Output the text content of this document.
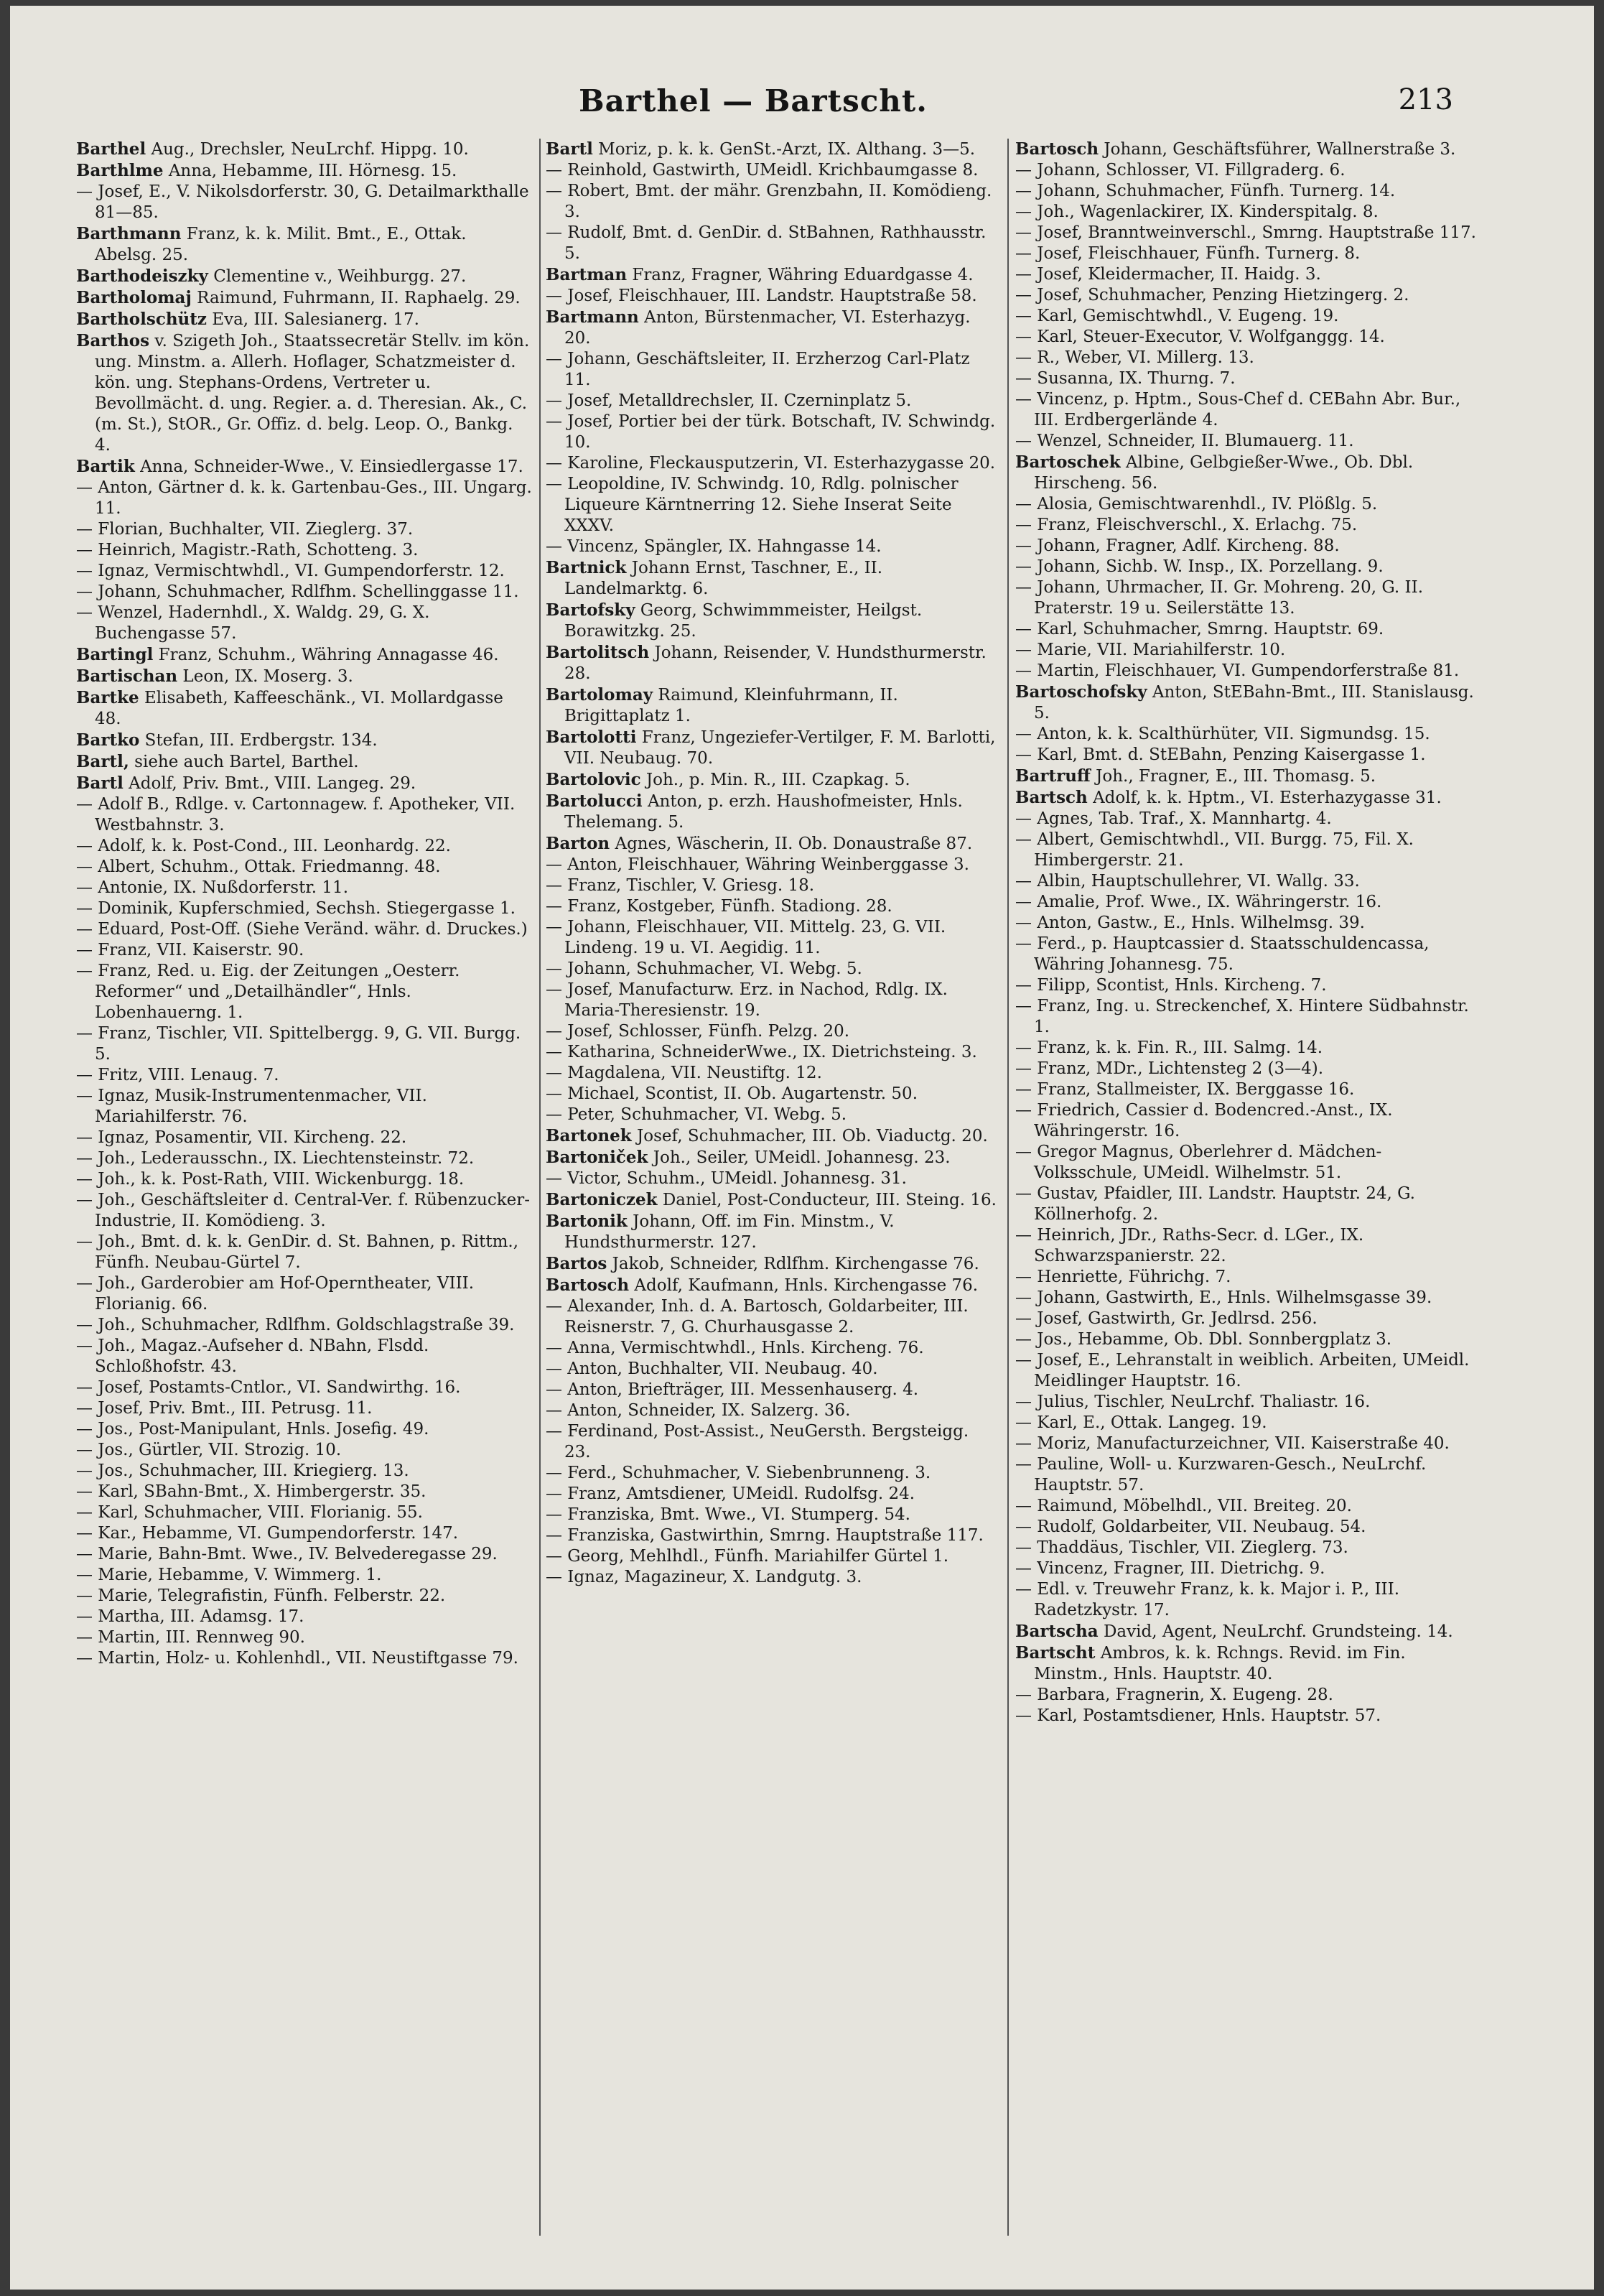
Barthel — Bartscht.	213
Barthel Aug., Drechsler, NeuLrchf. Hippg. 10.
Barthlme Anna, Hebamme, III. Hörnesg. 15.
— Josef, E., V. Nikolsdorferstr. 30, G. Detailmarkthalle 81—85.
Barthmann Franz, k. k. Milit. Bmt., E., Ottak. Abelsg. 25.
Barthodeiszky Clementine v., Weihburgg. 27.
Bartholomaj Raimund, Fuhrmann, II. Raphaelg. 29.
Bartholschütz Eva, III. Salesianerg. 17.
Barthos v. Szigeth Joh., Staatssecretär Stellv. im kön. ung. Minstm. a. Allerh. Hoflager, Schatzmeister d. kön. ung. Stephans-Ordens, Vertreter u. Bevollmächt. d. ung. Regier. a. d. Theresian. Ak., C. (m. St.), StOR., Gr. Offiz. d. belg. Leop. O., Bankg. 4.
Bartik Anna, Schneider-Wwe., V. Einsiedlergasse 17.
— Anton, Gärtner d. k. k. Gartenbau-Ges., III. Ungarg. 11.
— Florian, Buchhalter, VII. Zieglerg. 37.
— Heinrich, Magistr.-Rath, Schotteng. 3.
— Ignaz, Vermischtwhdl., VI. Gumpendorferstr. 12.
— Johann, Schuhmacher, Rdlfhm. Schellinggasse 11.
— Wenzel, Hadernhdl., X. Waldg. 29, G. X. Buchengasse 57.
Bartingl Franz, Schuhm., Währing Annagasse 46.
Bartischan Leon, IX. Moserg. 3.
Bartke Elisabeth, Kaffeeschänk., VI. Mollardgasse 48.
Bartko Stefan, III. Erdbergstr. 134.
Bartl, siehe auch Bartel, Barthel.
Bartl Adolf, Priv. Bmt., VIII. Langeg. 29.
— Adolf B., Rdlge. v. Cartonnagew. f. Apotheker, VII. Westbahnstr. 3.
— Adolf, k. k. Post-Cond., III. Leonhardg. 22.
— Albert, Schuhm., Ottak. Friedmanng. 48.
— Antonie, IX. Nußdorferstr. 11.
— Dominik, Kupferschmied, Sechsh. Stiegergasse 1.
— Eduard, Post-Off. (Siehe Veränd. währ. d. Druckes.)
— Franz, VII. Kaiserstr. 90.
— Franz, Red. u. Eig. der Zeitungen „Oesterr. Reformer“ und „Detailhändler“, Hnls. Lobenhauerng. 1.
— Franz, Tischler, VII. Spittelbergg. 9, G. VII. Burgg. 5.
— Fritz, VIII. Lenaug. 7.
— Ignaz, Musik-Instrumentenmacher, VII. Mariahilferstr. 76.
— Ignaz, Posamentir, VII. Kircheng. 22.
— Joh., Lederausschn., IX. Liechtensteinstr. 72.
— Joh., k. k. Post-Rath, VIII. Wickenburgg. 18.
— Joh., Geschäftsleiter d. Central-Ver. f. Rübenzucker-Industrie, II. Komödieng. 3.
— Joh., Bmt. d. k. k. GenDir. d. St. Bahnen, p. Rittm., Fünfh. Neubau-Gürtel 7.
— Joh., Garderobier am Hof-Operntheater, VIII. Florianig. 66.
— Joh., Schuhmacher, Rdlfhm. Goldschlagstraße 39.
— Joh., Magaz.-Aufseher d. NBahn, Flsdd. Schloßhofstr. 43.
— Josef, Postamts-Cntlor., VI. Sandwirthg. 16.
— Josef, Priv. Bmt., III. Petrusg. 11.
— Jos., Post-Manipulant, Hnls. Josefig. 49.
— Jos., Gürtler, VII. Strozig. 10.
— Jos., Schuhmacher, III. Kriegierg. 13.
— Karl, SBahn-Bmt., X. Himbergerstr. 35.
— Karl, Schuhmacher, VIII. Florianig. 55.
— Kar., Hebamme, VI. Gumpendorferstr. 147.
— Marie, Bahn-Bmt. Wwe., IV. Belvederegasse 29.
— Marie, Hebamme, V. Wimmerg. 1.
— Marie, Telegrafistin, Fünfh. Felberstr. 22.
— Martha, III. Adamsg. 17.
— Martin, III. Rennweg 90.
— Martin, Holz- u. Kohlenhdl., VII. Neustiftgasse 79.
Bartl Moriz, p. k. k. GenSt.-Arzt, IX. Althang. 3—5.
— Reinhold, Gastwirth, UMeidl. Krichbaumgasse 8.
— Robert, Bmt. der mähr. Grenzbahn, II. Komödieng. 3.
— Rudolf, Bmt. d. GenDir. d. StBahnen, Rathhausstr. 5.
Bartman Franz, Fragner, Währing Eduardgasse 4.
— Josef, Fleischhauer, III. Landstr. Hauptstraße 58.
Bartmann Anton, Bürstenmacher, VI. Esterhazyg. 20.
— Johann, Geschäftsleiter, II. Erzherzog Carl-Platz 11.
— Josef, Metalldrechsler, II. Czerninplatz 5.
— Josef, Portier bei der türk. Botschaft, IV. Schwindg. 10.
— Karoline, Fleckausputzerin, VI. Esterhazygasse 20.
— Leopoldine, IV. Schwindg. 10, Rdlg. polnischer Liqueure Kärntnerring 12. Siehe Inserat Seite XXXV.
— Vincenz, Spängler, IX. Hahngasse 14.
Bartnick Johann Ernst, Taschner, E., II. Landelmarktg. 6.
Bartofsky Georg, Schwimmmeister, Heilgst. Borawitzkg. 25.
Bartolitsch Johann, Reisender, V. Hundsthurmerstr. 28.
Bartolomay Raimund, Kleinfuhrmann, II. Brigittaplatz 1.
Bartolotti Franz, Ungeziefer-Vertilger, F. M. Barlotti, VII. Neubaug. 70.
Bartolovic Joh., p. Min. R., III. Czapkag. 5.
Bartolucci Anton, p. erzh. Haushofmeister, Hnls. Thelemang. 5.
Barton Agnes, Wäscherin, II. Ob. Donaustraße 87.
— Anton, Fleischhauer, Währing Weinberggasse 3.
— Franz, Tischler, V. Griesg. 18.
— Franz, Kostgeber, Fünfh. Stadiong. 28.
— Johann, Fleischhauer, VII. Mittelg. 23, G. VII. Lindeng. 19 u. VI. Aegidig. 11.
— Johann, Schuhmacher, VI. Webg. 5.
— Josef, Manufacturw. Erz. in Nachod, Rdlg. IX. Maria-Theresienstr. 19.
— Josef, Schlosser, Fünfh. Pelzg. 20.
— Katharina, SchneiderWwe., IX. Dietrichsteing. 3.
— Magdalena, VII. Neustiftg. 12.
— Michael, Scontist, II. Ob. Augartenstr. 50.
— Peter, Schuhmacher, VI. Webg. 5.
Bartonek Josef, Schuhmacher, III. Ob. Viaductg. 20.
Bartoniček Joh., Seiler, UMeidl. Johannesg. 23.
— Victor, Schuhm., UMeidl. Johannesg. 31.
Bartoniczek Daniel, Post-Conducteur, III. Steing. 16.
Bartonik Johann, Off. im Fin. Minstm., V. Hundsthurmerstr. 127.
Bartos Jakob, Schneider, Rdlfhm. Kirchengasse 76.
Bartosch Adolf, Kaufmann, Hnls. Kirchengasse 76.
— Alexander, Inh. d. A. Bartosch, Goldarbeiter, III. Reisnerstr. 7, G. Churhausgasse 2.
— Anna, Vermischtwhdl., Hnls. Kircheng. 76.
— Anton, Buchhalter, VII. Neubaug. 40.
— Anton, Briefträger, III. Messenhauserg. 4.
— Anton, Schneider, IX. Salzerg. 36.
— Ferdinand, Post-Assist., NeuGersth. Bergsteigg. 23.
— Ferd., Schuhmacher, V. Siebenbrunneng. 3.
— Franz, Amtsdiener, UMeidl. Rudolfsg. 24.
— Franziska, Bmt. Wwe., VI. Stumperg. 54.
— Franziska, Gastwirthin, Smrng. Hauptstraße 117.
— Georg, Mehlhdl., Fünfh. Mariahilfer Gürtel 1.
— Ignaz, Magazineur, X. Landgutg. 3.
Bartosch Johann, Geschäftsführer, Wallnerstraße 3.
— Johann, Schlosser, VI. Fillgraderg. 6.
— Johann, Schuhmacher, Fünfh. Turnerg. 14.
— Joh., Wagenlackirer, IX. Kinderspitalg. 8.
— Josef, Branntweinverschl., Smrng. Hauptstraße 117.
— Josef, Fleischhauer, Fünfh. Turnerg. 8.
— Josef, Kleidermacher, II. Haidg. 3.
— Josef, Schuhmacher, Penzing Hietzingerg. 2.
— Karl, Gemischtwhdl., V. Eugeng. 19.
— Karl, Steuer-Executor, V. Wolfganggg. 14.
— R., Weber, VI. Millerg. 13.
— Susanna, IX. Thurng. 7.
— Vincenz, p. Hptm., Sous-Chef d. CEBahn Abr. Bur., III. Erdbergerlände 4.
— Wenzel, Schneider, II. Blumauerg. 11.
Bartoschek Albine, Gelbgießer-Wwe., Ob. Dbl. Hirscheng. 56.
— Alosia, Gemischtwarenhdl., IV. Plößlg. 5.
— Franz, Fleischverschl., X. Erlachg. 75.
— Johann, Fragner, Adlf. Kircheng. 88.
— Johann, Sichb. W. Insp., IX. Porzellang. 9.
— Johann, Uhrmacher, II. Gr. Mohreng. 20, G. II. Praterstr. 19 u. Seilerstätte 13.
— Karl, Schuhmacher, Smrng. Hauptstr. 69.
— Marie, VII. Mariahilferstr. 10.
— Martin, Fleischhauer, VI. Gumpendorferstraße 81.
Bartoschofsky Anton, StEBahn-Bmt., III. Stanislausg. 5.
— Anton, k. k. Scalthürhüter, VII. Sigmundsg. 15.
— Karl, Bmt. d. StEBahn, Penzing Kaisergasse 1.
Bartruff Joh., Fragner, E., III. Thomasg. 5.
Bartsch Adolf, k. k. Hptm., VI. Esterhazygasse 31.
— Agnes, Tab. Traf., X. Mannhartg. 4.
— Albert, Gemischtwhdl., VII. Burgg. 75, Fil. X. Himbergerstr. 21.
— Albin, Hauptschullehrer, VI. Wallg. 33.
— Amalie, Prof. Wwe., IX. Währingerstr. 16.
— Anton, Gastw., E., Hnls. Wilhelmsg. 39.
— Ferd., p. Hauptcassier d. Staatsschuldencassa, Währing Johannesg. 75.
— Filipp, Scontist, Hnls. Kircheng. 7.
— Franz, Ing. u. Streckenchef, X. Hintere Südbahnstr. 1.
— Franz, k. k. Fin. R., III. Salmg. 14.
— Franz, MDr., Lichtensteg 2 (3—4).
— Franz, Stallmeister, IX. Berggasse 16.
— Friedrich, Cassier d. Bodencred.-Anst., IX. Währingerstr. 16.
— Gregor Magnus, Oberlehrer d. Mädchen-Volksschule, UMeidl. Wilhelmstr. 51.
— Gustav, Pfaidler, III. Landstr. Hauptstr. 24, G. Köllnerhofg. 2.
— Heinrich, JDr., Raths-Secr. d. LGer., IX. Schwarzspanierstr. 22.
— Henriette, Führichg. 7.
— Johann, Gastwirth, E., Hnls. Wilhelmsgasse 39.
— Josef, Gastwirth, Gr. Jedlrsd. 256.
— Jos., Hebamme, Ob. Dbl. Sonnbergplatz 3.
— Josef, E., Lehranstalt in weiblich. Arbeiten, UMeidl. Meidlinger Hauptstr. 16.
— Julius, Tischler, NeuLrchf. Thaliastr. 16.
— Karl, E., Ottak. Langeg. 19.
— Moriz, Manufacturzeichner, VII. Kaiserstraße 40.
— Pauline, Woll- u. Kurzwaren-Gesch., NeuLrchf. Hauptstr. 57.
— Raimund, Möbelhdl., VII. Breiteg. 20.
— Rudolf, Goldarbeiter, VII. Neubaug. 54.
— Thaddäus, Tischler, VII. Zieglerg. 73.
— Vincenz, Fragner, III. Dietrichg. 9.
— Edl. v. Treuwehr Franz, k. k. Major i. P., III. Radetzkystr. 17.
Bartscha David, Agent, NeuLrchf. Grundsteing. 14.
Bartscht Ambros, k. k. Rchngs. Revid. im Fin. Minstm., Hnls. Hauptstr. 40.
— Barbara, Fragnerin, X. Eugeng. 28.
— Karl, Postamtsdiener, Hnls. Hauptstr. 57.
